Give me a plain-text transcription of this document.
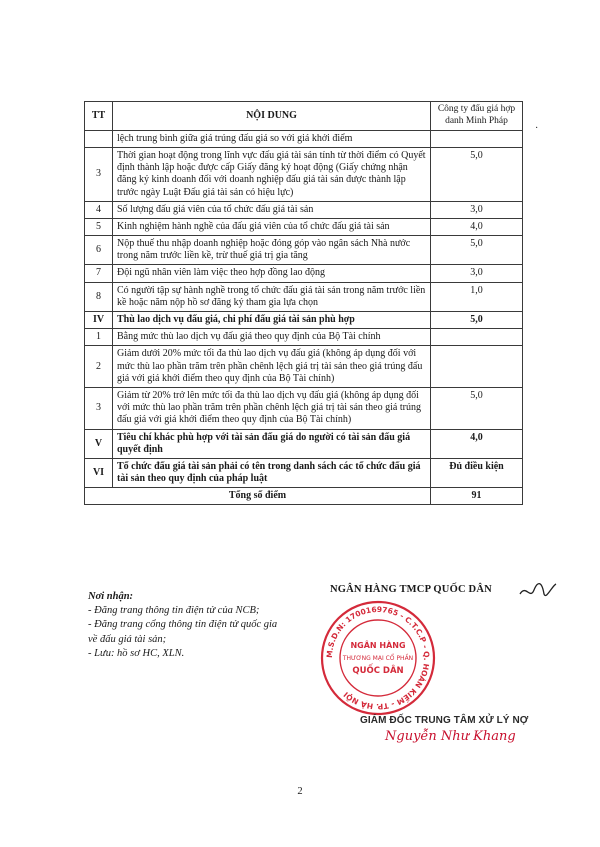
TT	NỘI DUNG	Công ty đấu giá hợp danh Minh Pháp
	lệch trung bình giữa giá trúng đấu giá so với giá khởi điểm	
3	Thời gian hoạt động trong lĩnh vực đấu giá tài sản tính từ thời điểm có Quyết định thành lập hoặc được cấp Giấy đăng ký hoạt động (Giấy chứng nhận đăng ký kinh doanh đối với doanh nghiệp đấu giá tài sản được thành lập trước ngày Luật Đấu giá tài sản có hiệu lực)	5,0
4	Số lượng đấu giá viên của tổ chức đấu giá tài sản	3,0
5	Kinh nghiệm hành nghề của đấu giá viên của tổ chức đấu giá tài sản	4,0
6	Nộp thuế thu nhập doanh nghiệp hoặc đóng góp vào ngân sách Nhà nước trong năm trước liền kề, trừ thuế giá trị gia tăng	5,0
7	Đội ngũ nhân viên làm việc theo hợp đồng lao động	3,0
8	Có người tập sự hành nghề trong tổ chức đấu giá tài sản trong năm trước liền kề hoặc năm nộp hồ sơ đăng ký tham gia lựa chọn	1,0
IV	Thù lao dịch vụ đấu giá, chi phí đấu giá tài sản phù hợp	5,0
1	Bằng mức thù lao dịch vụ đấu giá theo quy định của Bộ Tài chính	
2	Giảm dưới 20% mức tối đa thù lao dịch vụ đấu giá (không áp dụng đối với mức thù lao phần trăm trên phần chênh lệch giá trị tài sản theo giá trúng đấu giá với giá khởi điểm theo quy định của Bộ Tài chính)	
3	Giảm từ 20% trở lên mức tối đa thù lao dịch vụ đấu giá (không áp dụng đối với mức thù lao phần trăm trên phần chênh lệch giá trị tài sản theo giá trúng đấu giá với giá khởi điểm theo quy định của Bộ Tài chính)	5,0
V	Tiêu chí khác phù hợp với tài sản đấu giá do người có tài sản đấu giá quyết định	4,0
VI	Tổ chức đấu giá tài sản phải có tên trong danh sách các tổ chức đấu giá tài sản theo quy định của pháp luật	Đủ điều kiện
Tổng số điểm		91
·
Nơi nhận:
- Đăng trang thông tin điện tử của NCB;
- Đăng trang cổng thông tin điện tử quốc gia về đấu giá tài sản;
- Lưu: hồ sơ HC, XLN.
NGÂN HÀNG TMCP QUỐC DÂN
M.S.D.N: 1700169765 - C.T.C.P - Q. HOÀN KIẾM - TP. HÀ NỘI
NGÂN HÀNG
THƯƠNG MẠI CỔ PHẦN
QUỐC DÂN
GIÁM ĐỐC TRUNG TÂM XỬ LÝ NỢ
Nguyễn Như Khang
2
